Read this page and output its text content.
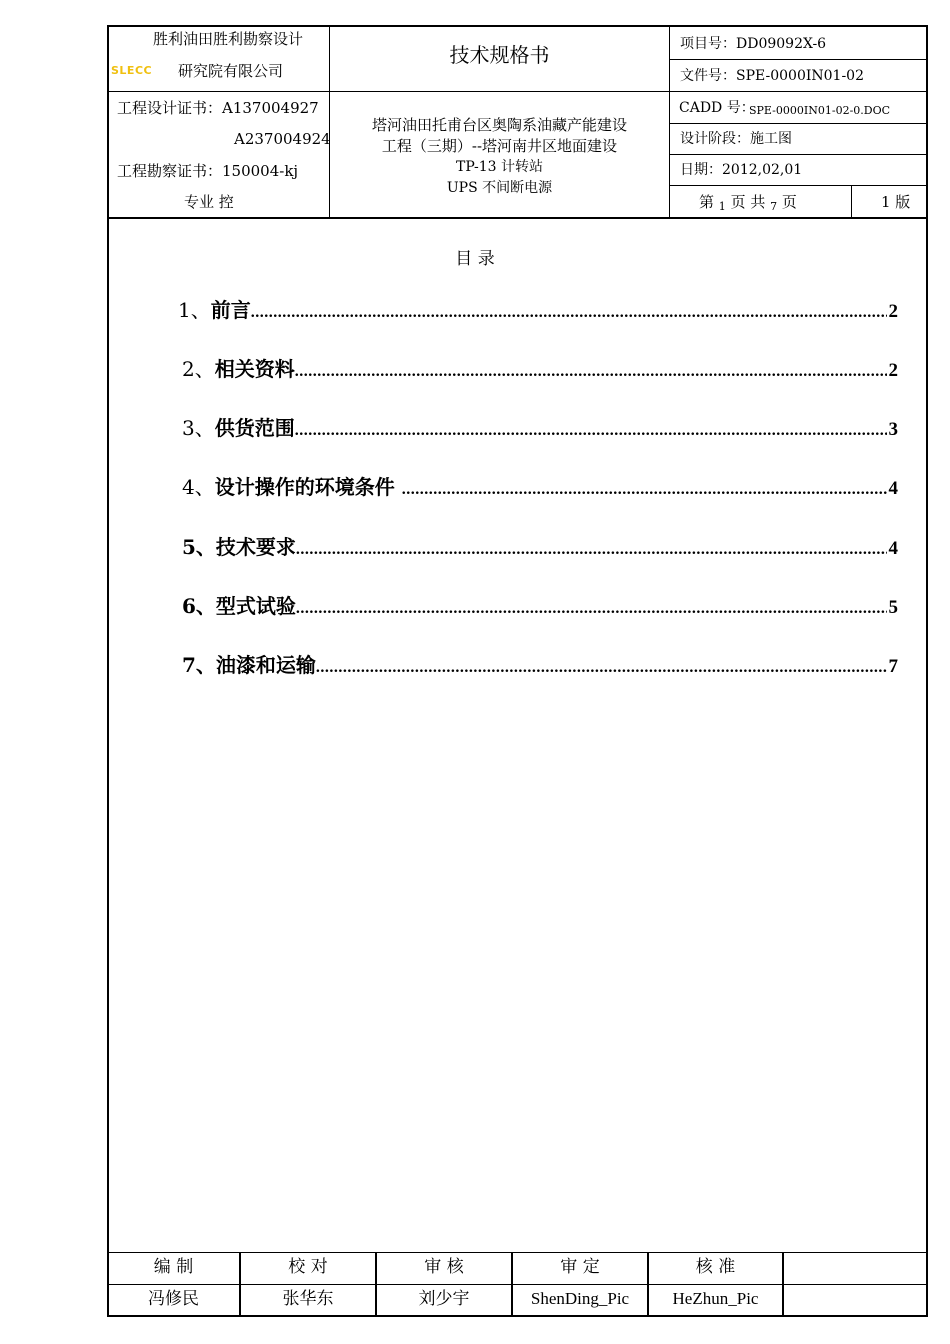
胜利油田胜利勘察设计
SLECC 研究院有限公司
工程设计证书：A137004927
A237004924
工程勘察证书：150004-kj
专业 控
技术规格书
塔河油田托甫台区奥陶系油藏产能建设
工程（三期）--塔河南井区地面建设
TP-13 计转站
UPS 不间断电源
项目号：DD09092X-6
文件号：SPE-0000IN01-02
CADD 号：
SPE-0000IN01-02-0.DOC
设计阶段：施工图
日期：2012,02,01
第 $_1$ 页 共 $_7$ 页	1 版
目 录
1、 前言 .....	2
2、 相关资料 .....	2
3、 供货范围 .....	3
4、 设计操作的环境条件 .....	4
5、 技术要求 .....	4
6、 型式试验 .....	5
7、 油漆和运输 .....	7
编 制	校 对	审 核	审 定	核 准
冯修民	张华东	刘少宇	ShenDing_Pic	HeZhun_Pic
